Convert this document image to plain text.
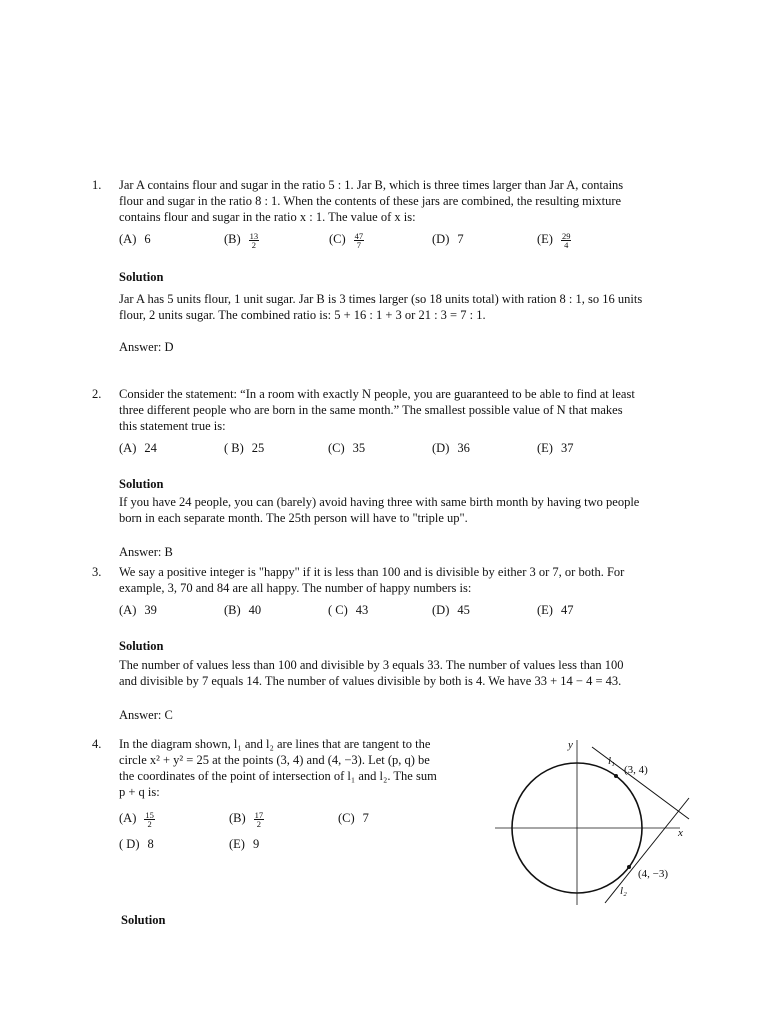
1. Jar A contains flour and sugar in the ratio 5 : 1. Jar B, which is three times larger than Jar A, contains
flour and sugar in the ratio 8 : 1. When the contents of these jars are combined, the resulting mixture
contains flour and sugar in the ratio x : 1. The value of x is:

(A) 6	$(B) \frac{13}{2}$	$(C) \frac{47}{7}$	(D) 7	$(E) \frac{29}{4}$
Solution

Jar A has 5 units flour, 1 unit sugar. Jar B is 3 times larger (so 18 units total) with ration 8 : 1, so 16 units
flour, 2 units sugar. The combined ratio is: 5 + 16 : 1 + 3 or 21 : 3 = 7 : 1.

Answer: D

2. Consider the statement: “In a room with exactly N people, you are guaranteed to be able to find at least
three different people who are born in the same month.” The smallest possible value of N that makes
this statement true is:

(A) 24	( B) 25	(C) 35	(D) 36	(E) 37
Solution

If you have 24 people, you can (barely) avoid having three with same birth month by having two people
born in each separate month. The 25th person will have to "triple up".

Answer: B

3. We say a positive integer is "happy" if it is less than 100 and is divisible by either 3 or 7, or both. For
example, 3, 70 and 84 are all happy. The number of happy numbers is:

(A) 39	(B) 40	( C) 43	(D) 45	(E) 47
Solution

The number of values less than 100 and divisible by 3 equals 33. The number of values less than 100
and divisible by 7 equals 14. The number of values divisible by both is 4. We have 33 + 14 − 4 = 43.

Answer: C

4. In the diagram shown, l₁ and l₂ are lines that are tangent to the
circle x² + y² = 25 at the points (3, 4) and (4, −3). Let (p, q) be
the coordinates of the point of intersection of l₁ and l₂. The sum
p + q is:

$(A) \frac{15}{2}$	$(B) \frac{17}{2}$	(C) 7
( D) 8	(E) 9
Solution
y
x
l₁
(3, 4)
(4, −3)
l₂
